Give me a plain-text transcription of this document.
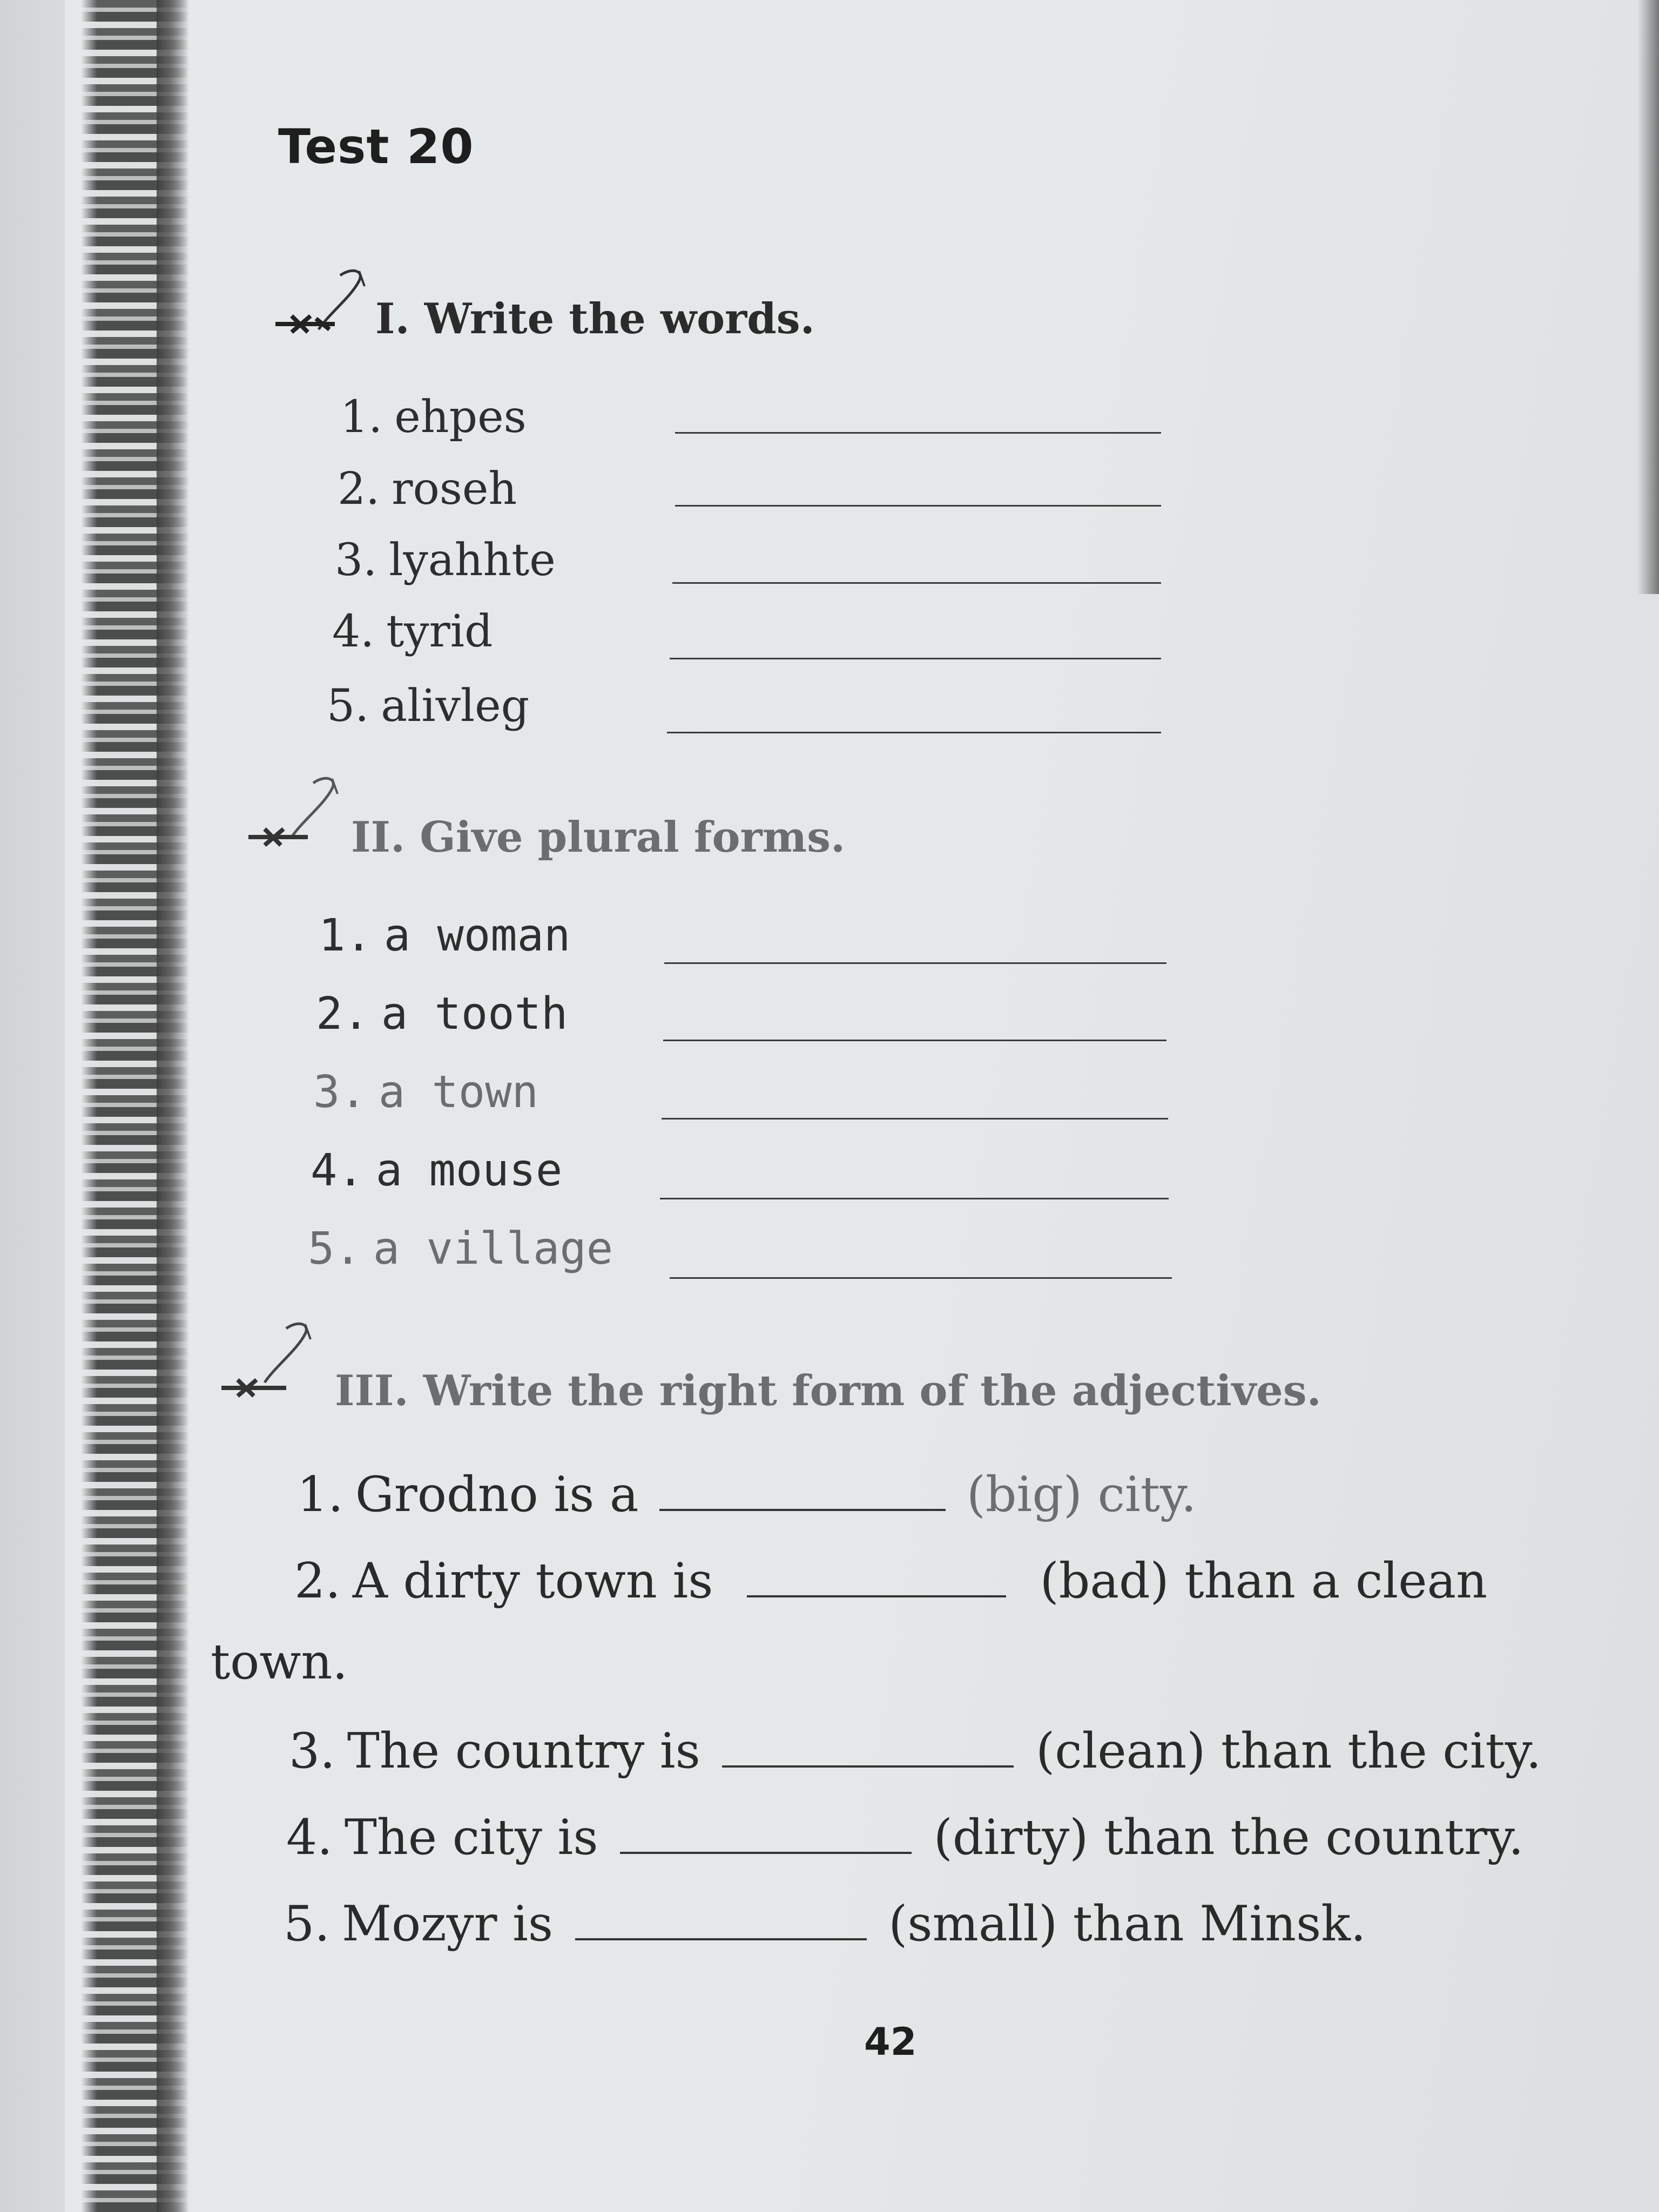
Test 20
I. Write the words.
1. ehpes
2. roseh
3. lyahhte
4. tyrid
5. alivleg
II. Give plural forms.
1. a woman
2. a tooth
3. a town
4. a mouse
5. a village
III. Write the right form of the adjectives.
1. Grodno is a	(big) city.
2. A dirty town is	(bad) than a clean
town.
3. The country is	(clean) than the city.
4. The city is	(dirty) than the country.
5. Mozyr is	(small) than Minsk.
42
